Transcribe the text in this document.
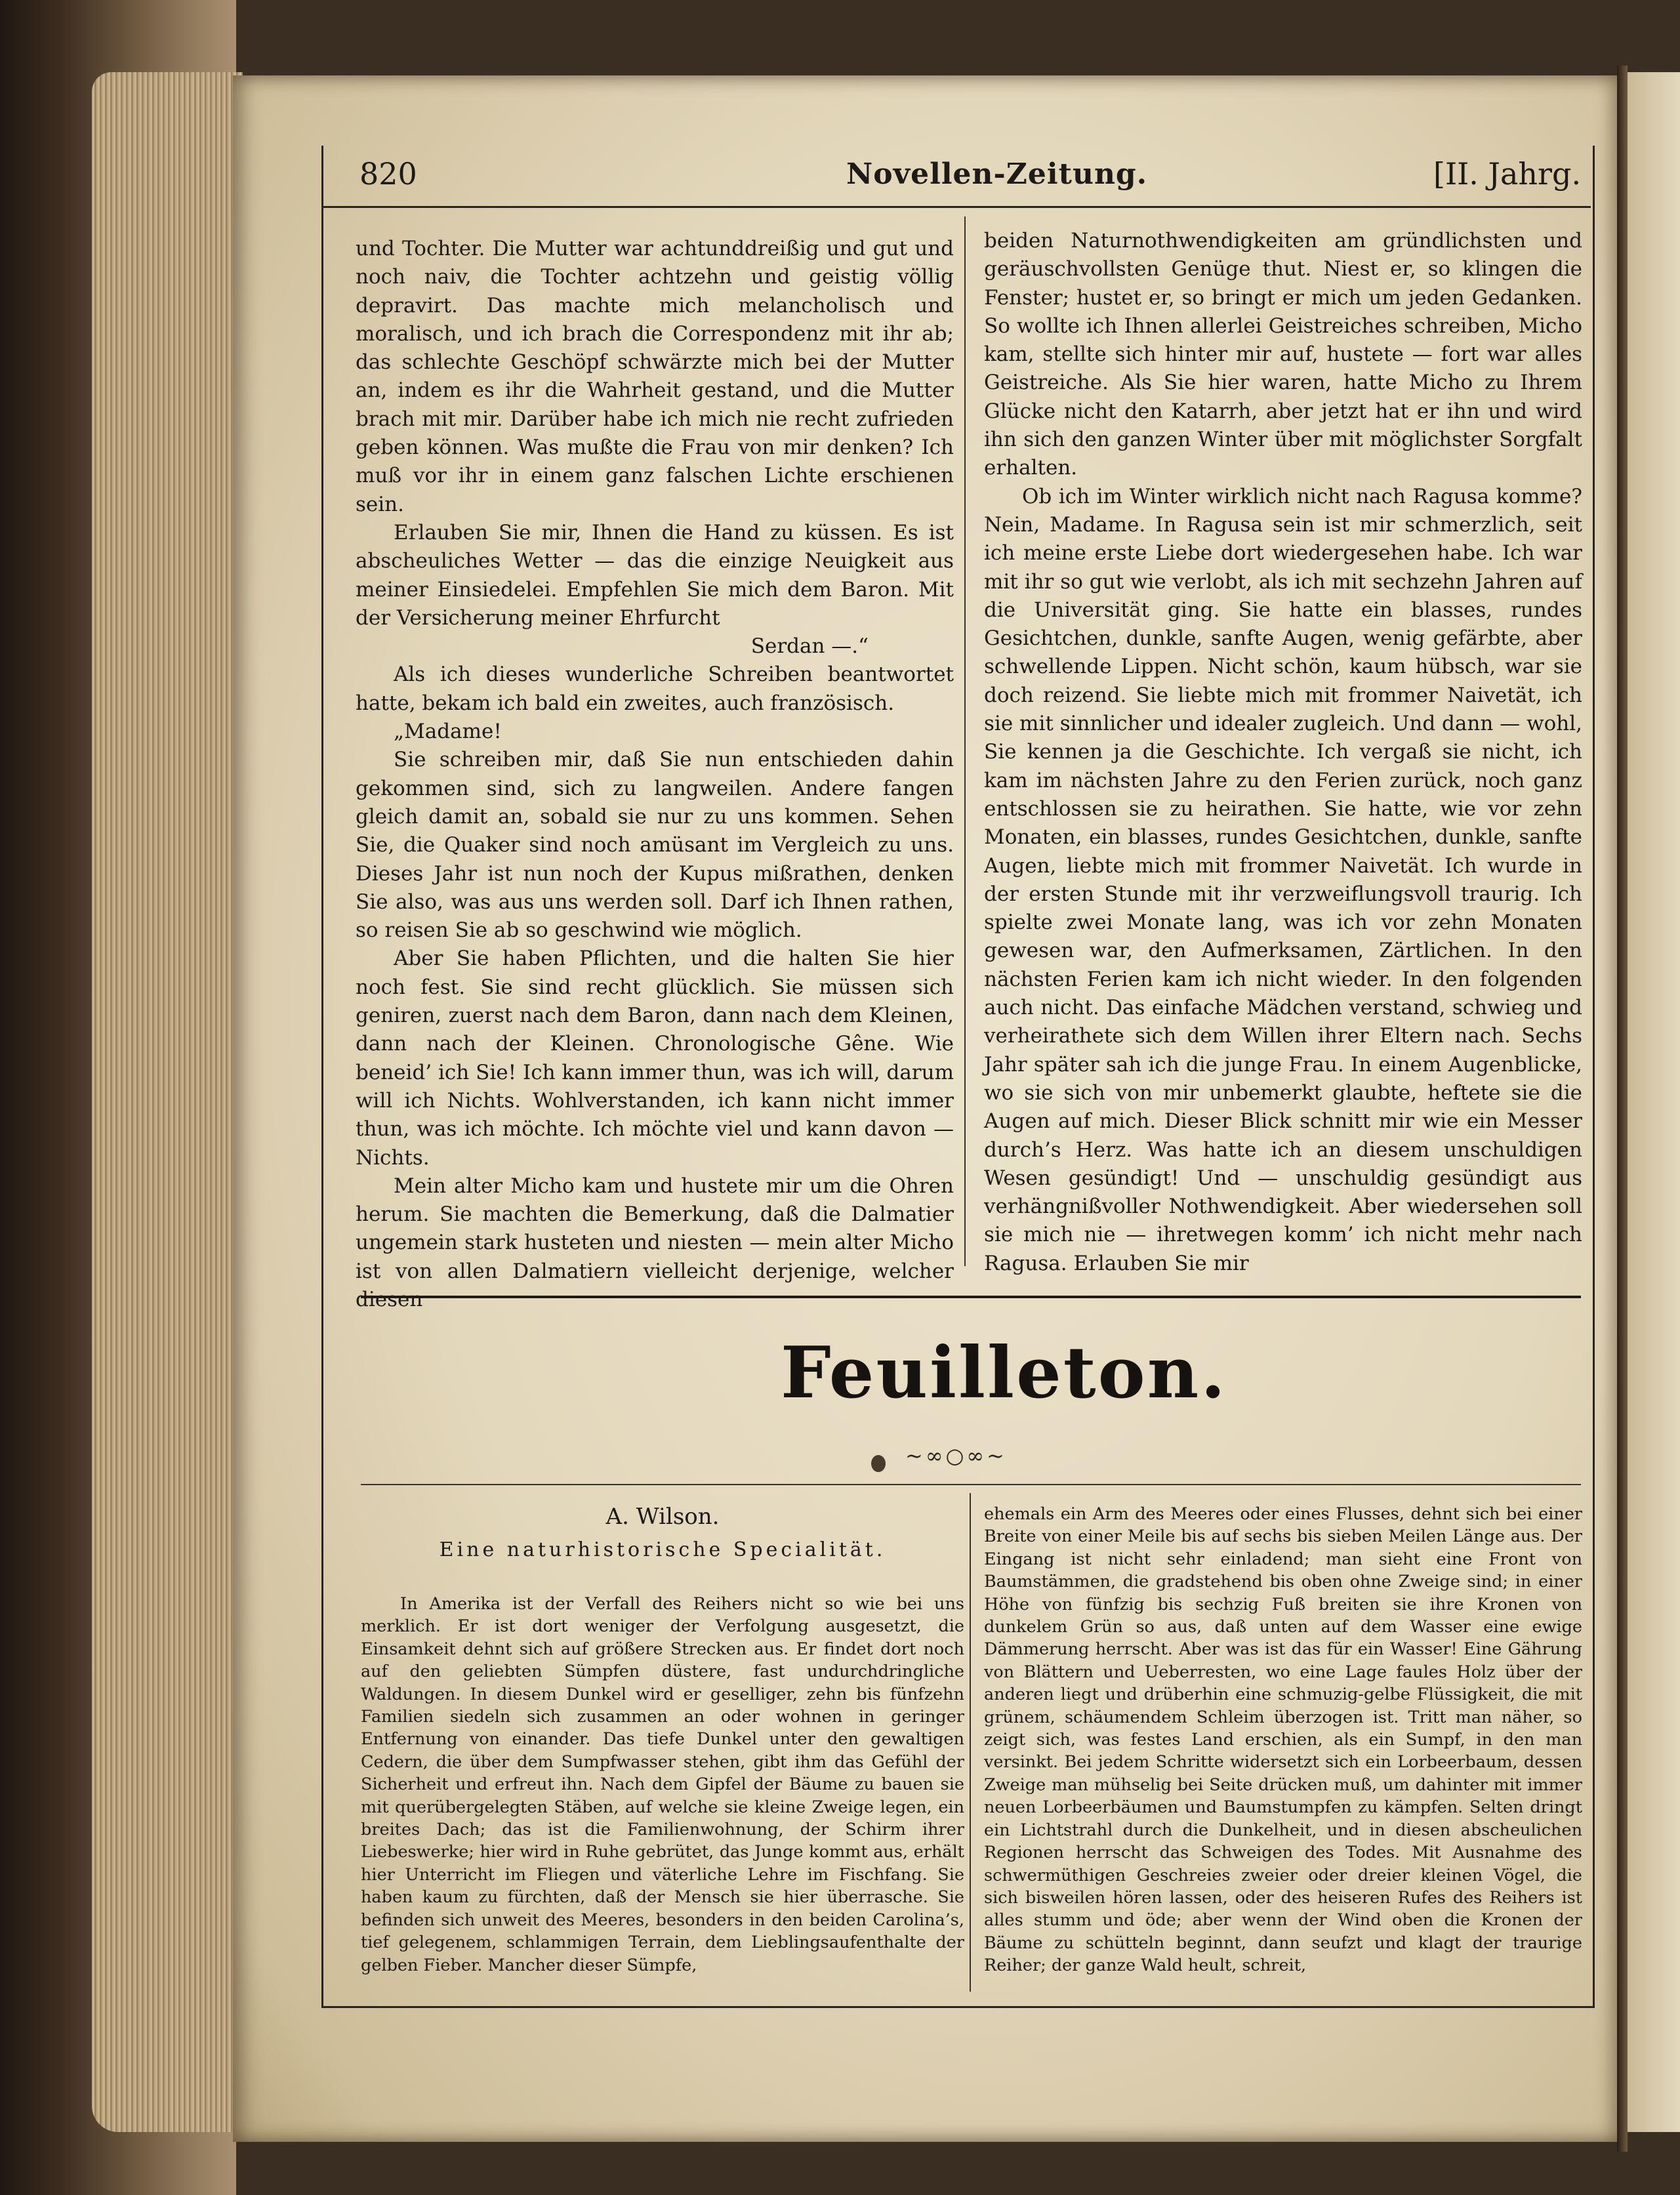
820	Novellen-Zeitung.	[II. Jahrg.

und Tochter. Die Mutter war achtunddreißig und gut und noch naiv, die Tochter achtzehn und geistig völlig depravirt. Das machte mich melancholisch und moralisch, und ich brach die Correspondenz mit ihr ab; das schlechte Geschöpf schwärzte mich bei der Mutter an, indem es ihr die Wahrheit gestand, und die Mutter brach mit mir. Darüber habe ich mich nie recht zufrieden geben können. Was mußte die Frau von mir denken? Ich muß vor ihr in einem ganz falschen Lichte erschienen sein.

Erlauben Sie mir, Ihnen die Hand zu küssen. Es ist abscheuliches Wetter — das die einzige Neuigkeit aus meiner Einsiedelei. Empfehlen Sie mich dem Baron. Mit der Versicherung meiner Ehrfurcht

Serdan —.“

Als ich dieses wunderliche Schreiben beantwortet hatte, bekam ich bald ein zweites, auch französisch.

„Madame!

Sie schreiben mir, daß Sie nun entschieden dahin gekommen sind, sich zu langweilen. Andere fangen gleich damit an, sobald sie nur zu uns kommen. Sehen Sie, die Quaker sind noch amüsant im Vergleich zu uns. Dieses Jahr ist nun noch der Kupus mißrathen, denken Sie also, was aus uns werden soll. Darf ich Ihnen rathen, so reisen Sie ab so geschwind wie möglich.

Aber Sie haben Pflichten, und die halten Sie hier noch fest. Sie sind recht glücklich. Sie müssen sich geniren, zuerst nach dem Baron, dann nach dem Kleinen, dann nach der Kleinen. Chronologische Gêne. Wie beneid’ ich Sie! Ich kann immer thun, was ich will, darum will ich Nichts. Wohlverstanden, ich kann nicht immer thun, was ich möchte. Ich möchte viel und kann davon — Nichts.

Mein alter Micho kam und hustete mir um die Ohren herum. Sie machten die Bemerkung, daß die Dalmatier ungemein stark husteten und niesten — mein alter Micho ist von allen Dalmatiern vielleicht derjenige, welcher diesen

beiden Naturnothwendigkeiten am gründlichsten und geräuschvollsten Genüge thut. Niest er, so klingen die Fenster; hustet er, so bringt er mich um jeden Gedanken. So wollte ich Ihnen allerlei Geistreiches schreiben, Micho kam, stellte sich hinter mir auf, hustete — fort war alles Geistreiche. Als Sie hier waren, hatte Micho zu Ihrem Glücke nicht den Katarrh, aber jetzt hat er ihn und wird ihn sich den ganzen Winter über mit möglichster Sorgfalt erhalten.

Ob ich im Winter wirklich nicht nach Ragusa komme? Nein, Madame. In Ragusa sein ist mir schmerzlich, seit ich meine erste Liebe dort wiedergesehen habe. Ich war mit ihr so gut wie verlobt, als ich mit sechzehn Jahren auf die Universität ging. Sie hatte ein blasses, rundes Gesichtchen, dunkle, sanfte Augen, wenig gefärbte, aber schwellende Lippen. Nicht schön, kaum hübsch, war sie doch reizend. Sie liebte mich mit frommer Naivetät, ich sie mit sinnlicher und idealer zugleich. Und dann — wohl, Sie kennen ja die Geschichte. Ich vergaß sie nicht, ich kam im nächsten Jahre zu den Ferien zurück, noch ganz entschlossen sie zu heirathen. Sie hatte, wie vor zehn Monaten, ein blasses, rundes Gesichtchen, dunkle, sanfte Augen, liebte mich mit frommer Naivetät. Ich wurde in der ersten Stunde mit ihr verzweiflungsvoll traurig. Ich spielte zwei Monate lang, was ich vor zehn Monaten gewesen war, den Aufmerksamen, Zärtlichen. In den nächsten Ferien kam ich nicht wieder. In den folgenden auch nicht. Das einfache Mädchen verstand, schwieg und verheirathete sich dem Willen ihrer Eltern nach. Sechs Jahr später sah ich die junge Frau. In einem Augenblicke, wo sie sich von mir unbemerkt glaubte, heftete sie die Augen auf mich. Dieser Blick schnitt mir wie ein Messer durch’s Herz. Was hatte ich an diesem unschuldigen Wesen gesündigt! Und — unschuldig gesündigt aus verhängnißvoller Nothwendigkeit. Aber wiedersehen soll sie mich nie — ihretwegen komm’ ich nicht mehr nach Ragusa. Erlauben Sie mir

Feuilleton.
~∞○∞~
A. Wilson.
Eine naturhistorische Specialität.

In Amerika ist der Verfall des Reihers nicht so wie bei uns merklich. Er ist dort weniger der Verfolgung ausgesetzt, die Einsamkeit dehnt sich auf größere Strecken aus. Er findet dort noch auf den geliebten Sümpfen düstere, fast undurchdringliche Waldungen. In diesem Dunkel wird er geselliger, zehn bis fünfzehn Familien siedeln sich zusammen an oder wohnen in geringer Entfernung von einander. Das tiefe Dunkel unter den gewaltigen Cedern, die über dem Sumpfwasser stehen, gibt ihm das Gefühl der Sicherheit und erfreut ihn. Nach dem Gipfel der Bäume zu bauen sie mit querübergelegten Stäben, auf welche sie kleine Zweige legen, ein breites Dach; das ist die Familienwohnung, der Schirm ihrer Liebeswerke; hier wird in Ruhe gebrütet, das Junge kommt aus, erhält hier Unterricht im Fliegen und väterliche Lehre im Fischfang. Sie haben kaum zu fürchten, daß der Mensch sie hier überrasche. Sie befinden sich unweit des Meeres, besonders in den beiden Carolina’s, tief gelegenem, schlammigen Terrain, dem Lieblingsaufenthalte der gelben Fieber. Mancher dieser Sümpfe,

ehemals ein Arm des Meeres oder eines Flusses, dehnt sich bei einer Breite von einer Meile bis auf sechs bis sieben Meilen Länge aus. Der Eingang ist nicht sehr einladend; man sieht eine Front von Baumstämmen, die gradstehend bis oben ohne Zweige sind; in einer Höhe von fünfzig bis sechzig Fuß breiten sie ihre Kronen von dunkelem Grün so aus, daß unten auf dem Wasser eine ewige Dämmerung herrscht. Aber was ist das für ein Wasser! Eine Gährung von Blättern und Ueberresten, wo eine Lage faules Holz über der anderen liegt und drüberhin eine schmuzig-gelbe Flüssigkeit, die mit grünem, schäumendem Schleim überzogen ist. Tritt man näher, so zeigt sich, was festes Land erschien, als ein Sumpf, in den man versinkt. Bei jedem Schritte widersetzt sich ein Lorbeerbaum, dessen Zweige man mühselig bei Seite drücken muß, um dahinter mit immer neuen Lorbeerbäumen und Baumstumpfen zu kämpfen. Selten dringt ein Lichtstrahl durch die Dunkelheit, und in diesen abscheulichen Regionen herrscht das Schweigen des Todes. Mit Ausnahme des schwermüthigen Geschreies zweier oder dreier kleinen Vögel, die sich bisweilen hören lassen, oder des heiseren Rufes des Reihers ist alles stumm und öde; aber wenn der Wind oben die Kronen der Bäume zu schütteln beginnt, dann seufzt und klagt der traurige Reiher; der ganze Wald heult, schreit,
